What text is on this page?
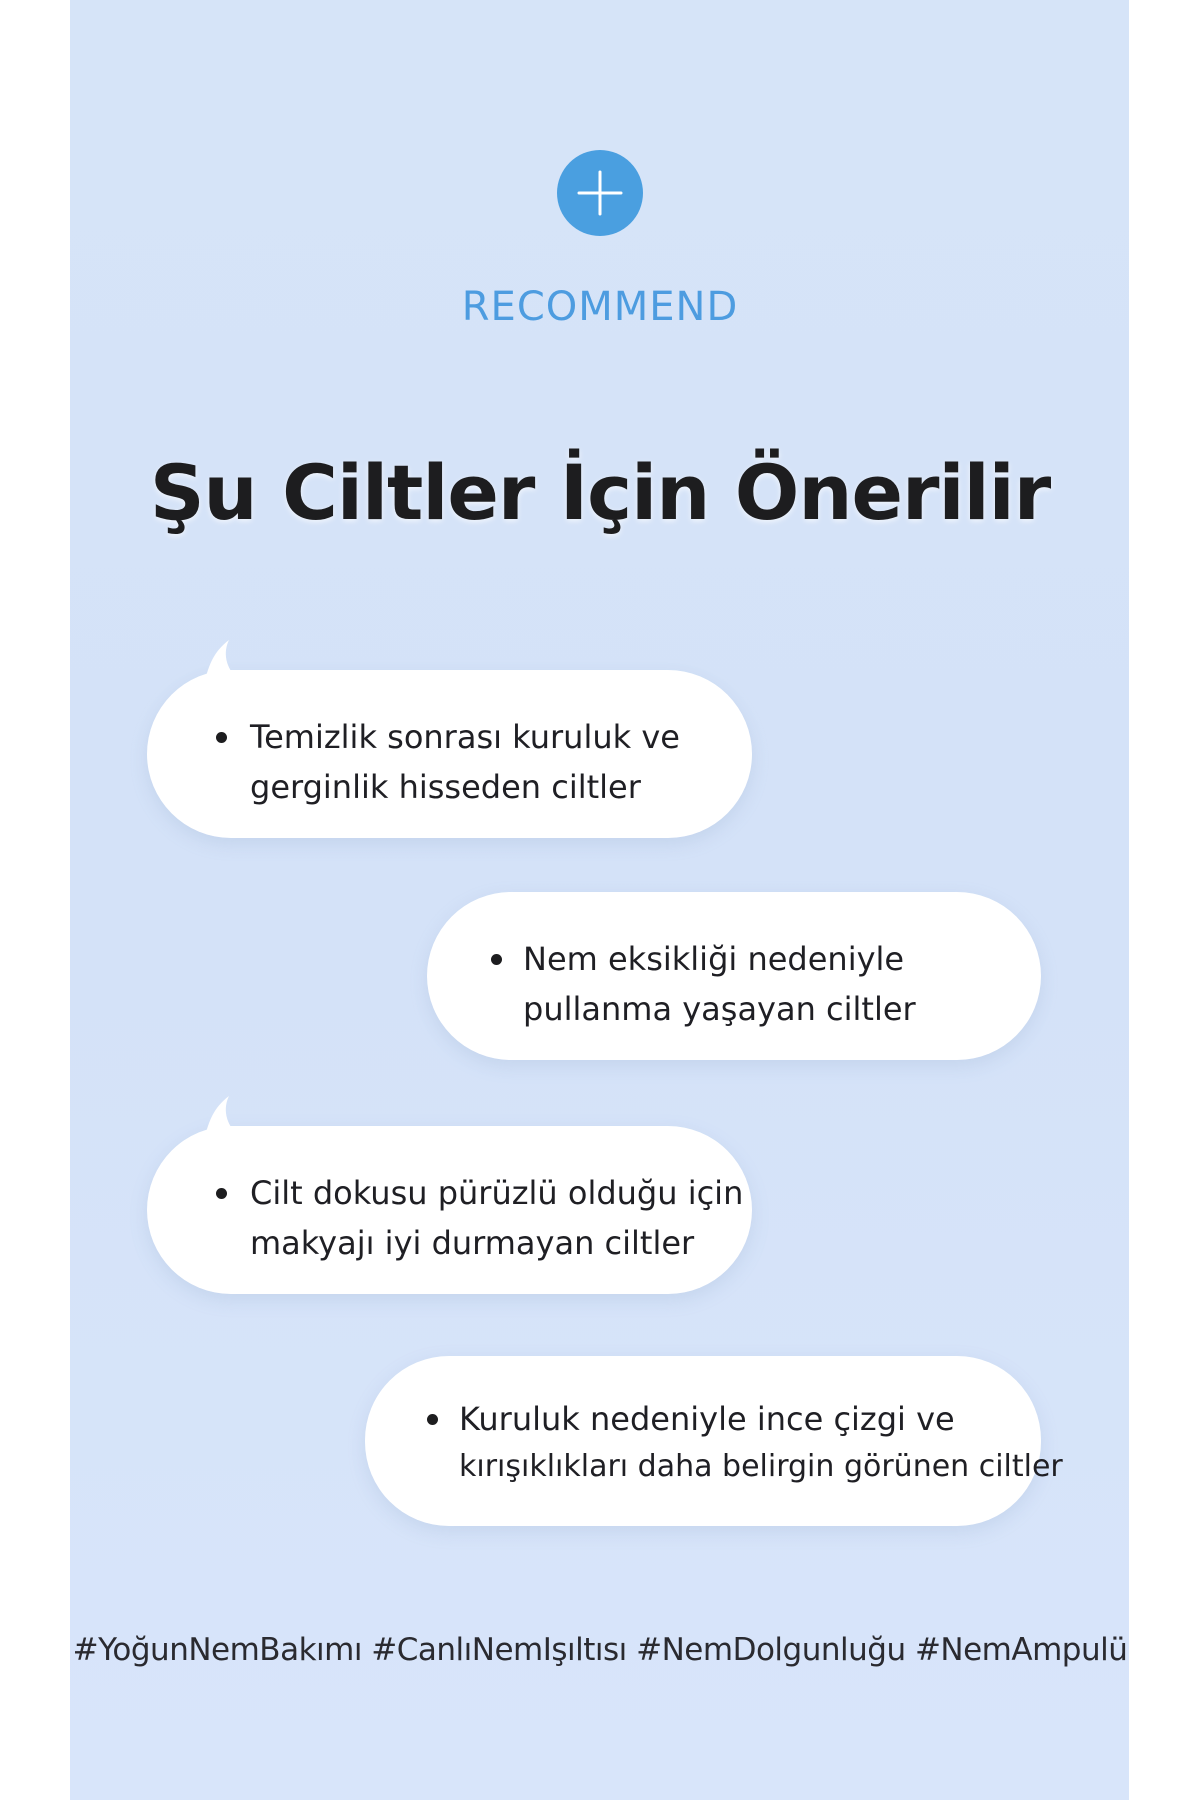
RECOMMEND
Şu Ciltler İçin Önerilir
Temizlik sonrası kuruluk ve
gerginlik hisseden ciltler
Nem eksikliği nedeniyle
pullanma yaşayan ciltler
Cilt dokusu pürüzlü olduğu için
makyajı iyi durmayan ciltler
Kuruluk nedeniyle ince çizgi ve
kırışıklıkları daha belirgin görünen ciltler
#YoğunNemBakımı #CanlıNemIşıltısı #NemDolgunluğu #NemAmpulü
